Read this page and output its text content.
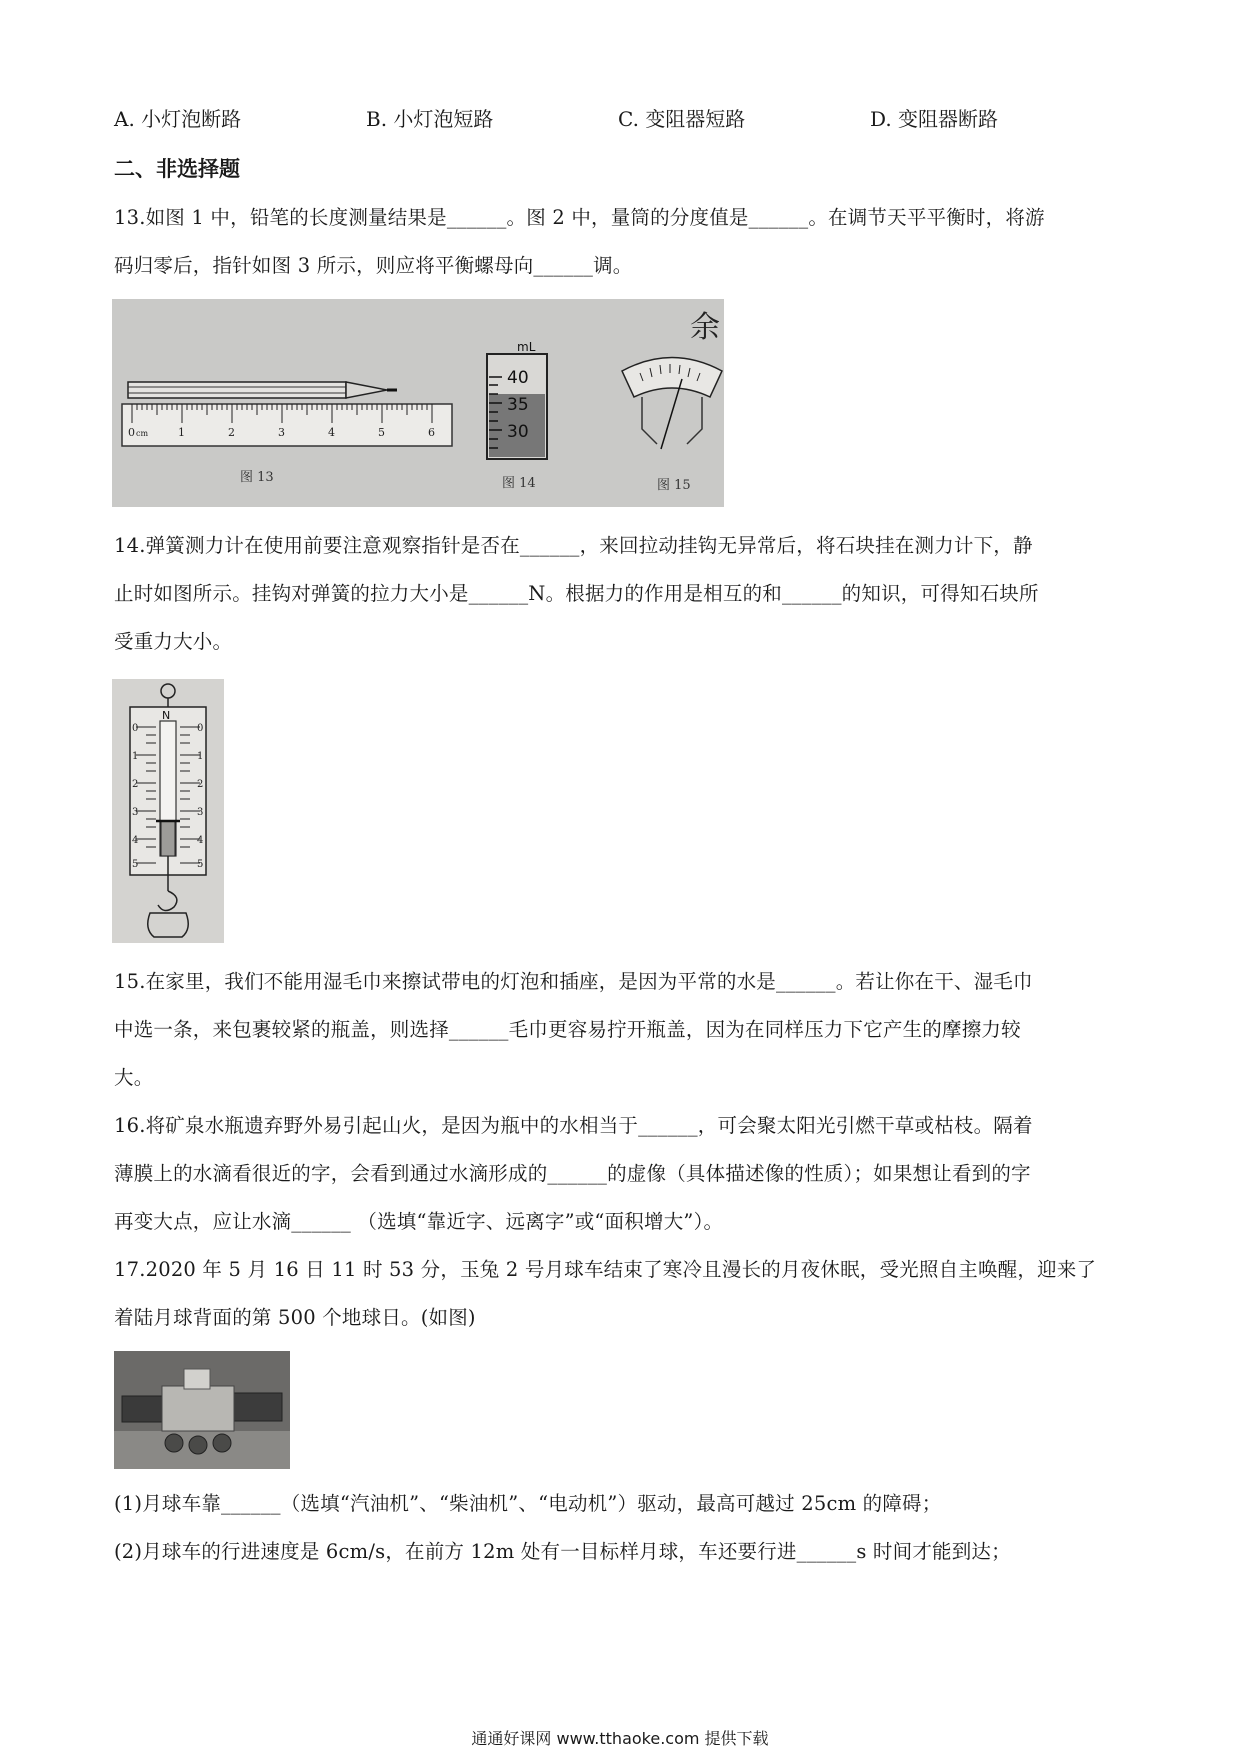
A. 小灯泡断路	B. 小灯泡短路	C. 变阻器短路	D. 变阻器断路
二、非选择题
13.如图 1 中，铅笔的长度测量结果是______。图 2 中，量筒的分度值是______。在调节天平平衡时，将游
码归零后，指针如图 3 所示，则应将平衡螺母向______调。
0 cm	1	2	3	4	5	6
mL
40
35
30
余
图 13	图 14	图 15
14.弹簧测力计在使用前要注意观察指针是否在______，来回拉动挂钩无异常后，将石块挂在测力计下，静
止时如图所示。挂钩对弹簧的拉力大小是______N。根据力的作用是相互的和______的知识，可得知石块所
受重力大小。
N
0
1
2
3
4
5
0
1
2
3
4
5
15.在家里，我们不能用湿毛巾来擦试带电的灯泡和插座，是因为平常的水是______。若让你在干、湿毛巾
中选一条，来包裹较紧的瓶盖，则选择______毛巾更容易拧开瓶盖，因为在同样压力下它产生的摩擦力较
大。
16.将矿泉水瓶遗弃野外易引起山火，是因为瓶中的水相当于______，可会聚太阳光引燃干草或枯枝。隔着
薄膜上的水滴看很近的字，会看到通过水滴形成的______的虚像（具体描述像的性质）；如果想让看到的字
再变大点，应让水滴______ （选填“靠近字、远离字”或“面积增大”）。
17.2020 年 5 月 16 日 11 时 53 分，玉兔 2 号月球车结束了寒冷且漫长的月夜休眠，受光照自主唤醒，迎来了
着陆月球背面的第 500 个地球日。(如图)
(1)月球车靠______（选填“汽油机”、“柴油机”、“电动机”）驱动，最高可越过 25cm 的障碍；
(2)月球车的行进速度是 6cm/s，在前方 12m 处有一目标样月球，车还要行进______s 时间才能到达；
通通好课网 www.tthaoke.com 提供下载
